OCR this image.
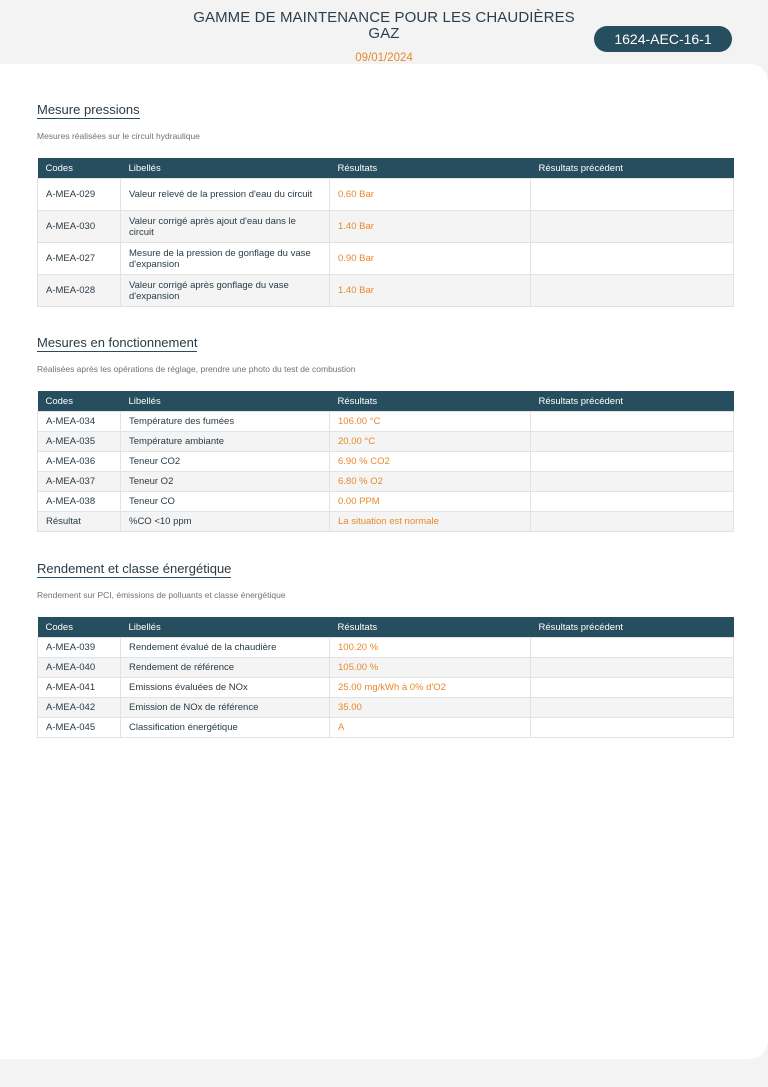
GAMME DE MAINTENANCE POUR LES CHAUDIÈRES GAZ
09/01/2024
1624-AEC-16-1
Mesure pressions
Mesures réalisées sur le circuit hydraulique
Codes	Libellés	Résultats	Résultats précédent
A-MEA-029	Valeur relevé de la pression d'eau du circuit	0.60 Bar	
A-MEA-030	Valeur corrigé après ajout d'eau dans le circuit	1.40 Bar	
A-MEA-027	Mesure de la pression de gonflage du vase d'expansion	0.90 Bar	
A-MEA-028	Valeur corrigé après gonflage du vase d'expansion	1.40 Bar	
Mesures en fonctionnement
Réalisées après les opérations de réglage, prendre une photo du test de combustion
Codes	Libellés	Résultats	Résultats précédent
A-MEA-034	Température des fumées	106.00 °C	
A-MEA-035	Température ambiante	20.00 °C	
A-MEA-036	Teneur CO2	6.90 % CO2	
A-MEA-037	Teneur O2	6.80 % O2	
A-MEA-038	Teneur CO	0.00 PPM	
Résultat	%CO <10 ppm	La situation est normale	
Rendement et classe énergétique
Rendement sur PCI, émissions de polluants et classe énergétique
Codes	Libellés	Résultats	Résultats précédent
A-MEA-039	Rendement évalué de la chaudière	100.20 %	
A-MEA-040	Rendement de référence	105.00 %	
A-MEA-041	Emissions évaluées de NOx	25.00 mg/kWh à 0% d'O2	
A-MEA-042	Emission de NOx de référence	35.00	
A-MEA-045	Classification énergétique	A	
